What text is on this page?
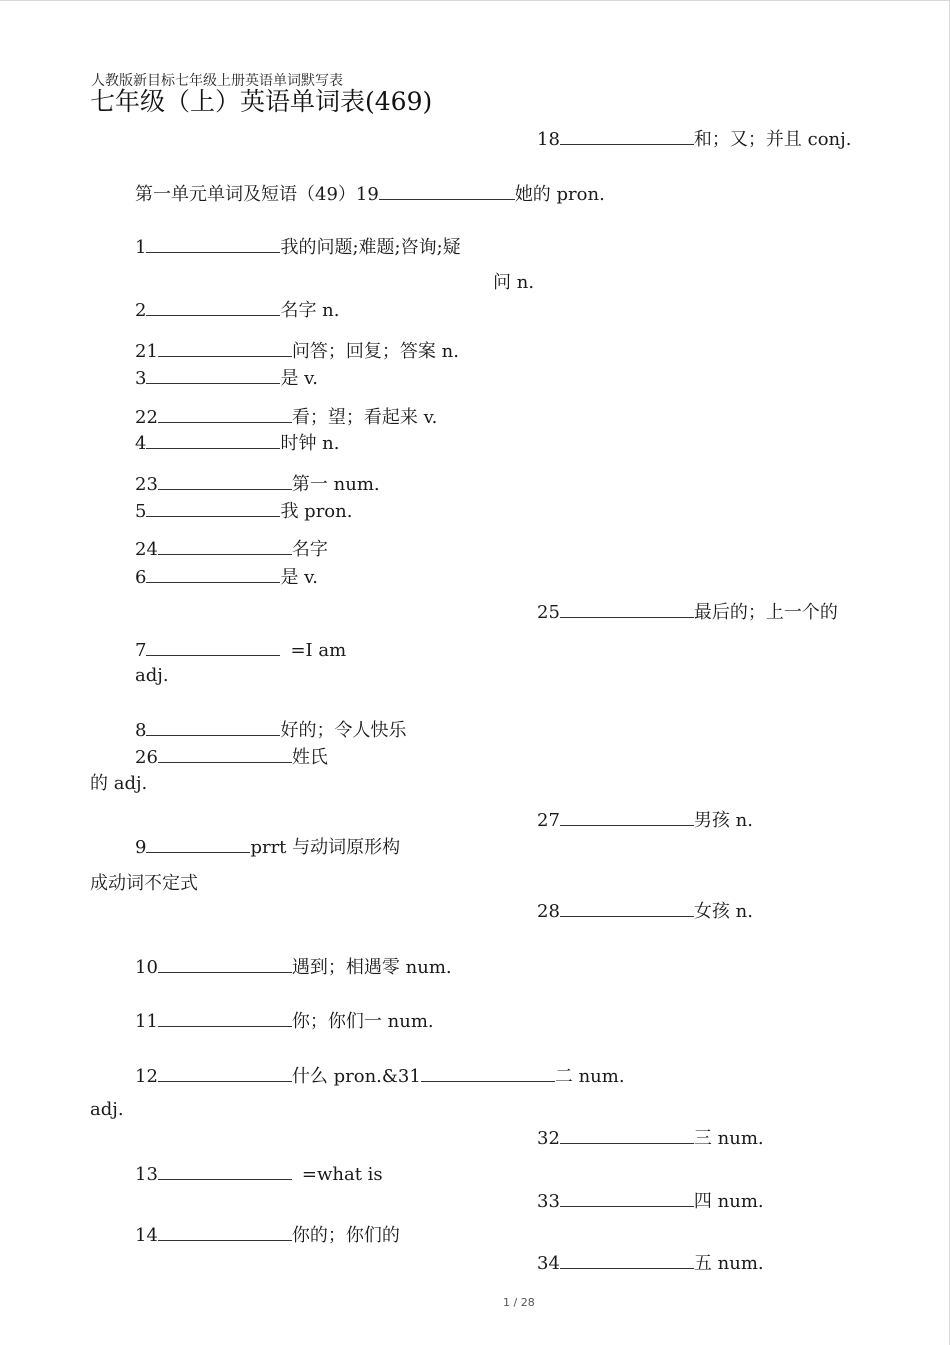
人教版新目标七年级上册英语单词默写表
七年级（上）英语单词表(469)
18	和；又；并且 conj.
第一单元单词及短语（49）19	她的 pron.
1	我的问题;难题;咨询;疑
问 n.
2	名字 n.
21	问答；回复；答案 n.
3	是 v.
22	看；望；看起来 v.
4	时钟 n.
23	第一 num.
5	我 pron.
24	名字
6	是 v.
25	最后的；上一个的
7	=I am
adj.
8	好的；令人快乐
26	姓氏
的 adj.
27	男孩 n.
9	prrt 与动词原形构
成动词不定式
28	女孩 n.
10	遇到；相遇零 num.
11	你；你们一 num.
12	什么 pron.&31	二 num.
adj.
32	三 num.
13	=what is
33	四 num.
14	你的；你们的
34	五 num.
1 / 28
